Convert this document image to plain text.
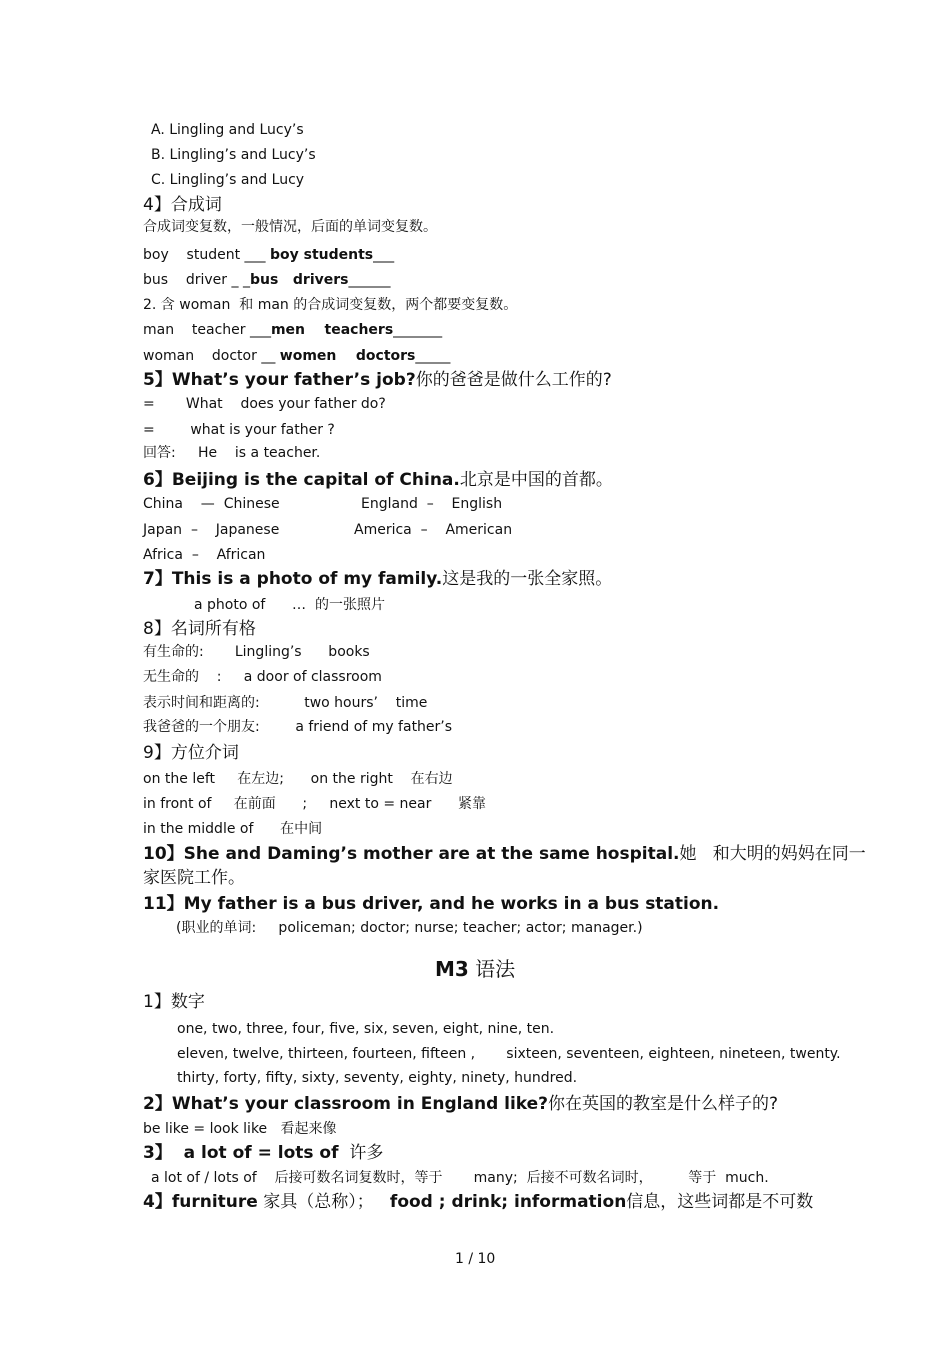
A. Lingling and Lucy’s
B. Lingling’s and Lucy’s
C. Lingling’s and Lucy
4】合成词
合成词变复数，一般情况，后面的单词变复数。
boy    student ___ boy students___
bus    driver _ _bus   drivers______
2. 含 woman  和 man 的合成词变复数，两个都要变复数。
man    teacher ___men    teachers_______
woman    doctor __ women    doctors_____
5】What’s your father’s job?你的爸爸是做什么工作的?
=       What    does your father do?
=        what is your father ?
回答:     He    is a teacher.
6】Beijing is the capital of China.北京是中国的首都。
China    —  Chinese	England  –    English
Japan  –    Japanese	America  –    American
Africa  –    African
7】This is a photo of my family.这是我的一张全家照。
a photo of      …  的一张照片
8】名词所有格
有生命的:       Lingling’s      books
无生命的    :     a door of classroom
表示时间和距离的:          two hours’    time
我爸爸的一个朋友:        a friend of my father’s
9】方位介词
on the left     在左边;      on the right    在右边
in front of     在前面      ;     next to = near      紧靠
in the middle of      在中间
10】She and Daming’s mother are at the same hospital.她   和大明的妈妈在同一
家医院工作。
11】My father is a bus driver, and he works in a bus station.
(职业的单词:     policeman; doctor; nurse; teacher; actor; manager.)
M3 语法
1】数字
one, two, three, four, five, six, seven, eight, nine, ten.
eleven, twelve, thirteen, fourteen, fifteen ,       sixteen, seventeen, eighteen, nineteen, twenty.
thirty, forty, fifty, sixty, seventy, eighty, ninety, hundred.
2】What’s your classroom in England like?你在英国的教室是什么样子的?
be like = look like   看起来像
3】  a lot of = lots of  许多
a lot of / lots of    后接可数名词复数时，等于       many;  后接不可数名词时，        等于  much.
4】furniture 家具（总称）；   food ; drink; information信息，这些词都是不可数
1 / 10
